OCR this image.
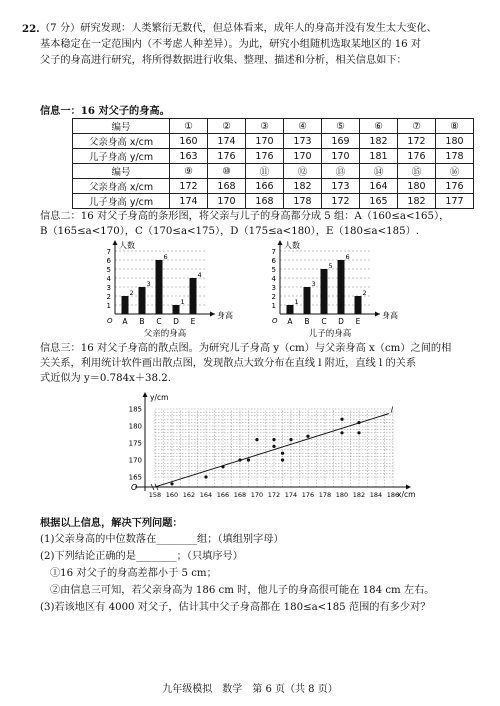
22. （7 分）研究发现：人类繁衍无数代，但总体看来，成年人的身高并没有发生太大变化、
基本稳定在一定范围内（不考虑人种差异）。为此，研究小组随机选取某地区的 16 对
父子的身高进行研究，将所得数据进行收集、整理、描述和分析，相关信息如下：
信息一：16 对父子的身高。
编号	①	②	③	④	⑤	⑥	⑦	⑧
父亲身高 x/cm	160	174	170	173	169	182	172	180
儿子身高 y/cm	163	176	176	170	170	181	176	178
编号	⑨	⑩	⑪	⑫	⑬	⑭	⑮	⑯
父亲身高 x/cm	172	168	166	182	173	164	180	176
儿子身高 y/cm	174	170	168	178	172	165	182	177
信息二：16 对父子身高的条形图，将父亲与儿子的身高都分成 5 组：A（160≤a<165），
B（165≤a<170），C（170≤a<175），D（175≤a<180），E（180≤a<185）.
1
2
3
4
5
6
7
人数
身高
O
2
A
3
B
6
C
1
D
4
E
父亲的身高
1
2
3
4
5
6
7
人数
身高
O
1
A
3
B
5
C
6
D
2
E
儿子的身高
信息三：16 对父子身高的散点图。为研究儿子身高 y（cm）与父亲身高 x（cm）之间的相
关关系，利用统计软件画出散点图，发现散点大致分布在直线 l 附近，直线 l 的关系
式近似为 y＝0.784x＋38.2.
y/cm
x/cm
O
158 160 162 164 166 168 170 172 174 176 178 180 182 184 186
165
170
175
180
185	l
根据以上信息，解决下列问题：
(1)父亲身高的中位数落在________组；（填组别字母）
(2)下列结论正确的是________；（只填序号）
①16 对父子的身高差都小于 5 cm；
②由信息三可知，若父亲身高为 186 cm 时，他儿子的身高很可能在 184 cm 左右。
(3)若该地区有 4000 对父子，估计其中父子身高都在 180≤a<185 范围的有多少对？
九年级模拟　数学　第 6 页（共 8 页）
